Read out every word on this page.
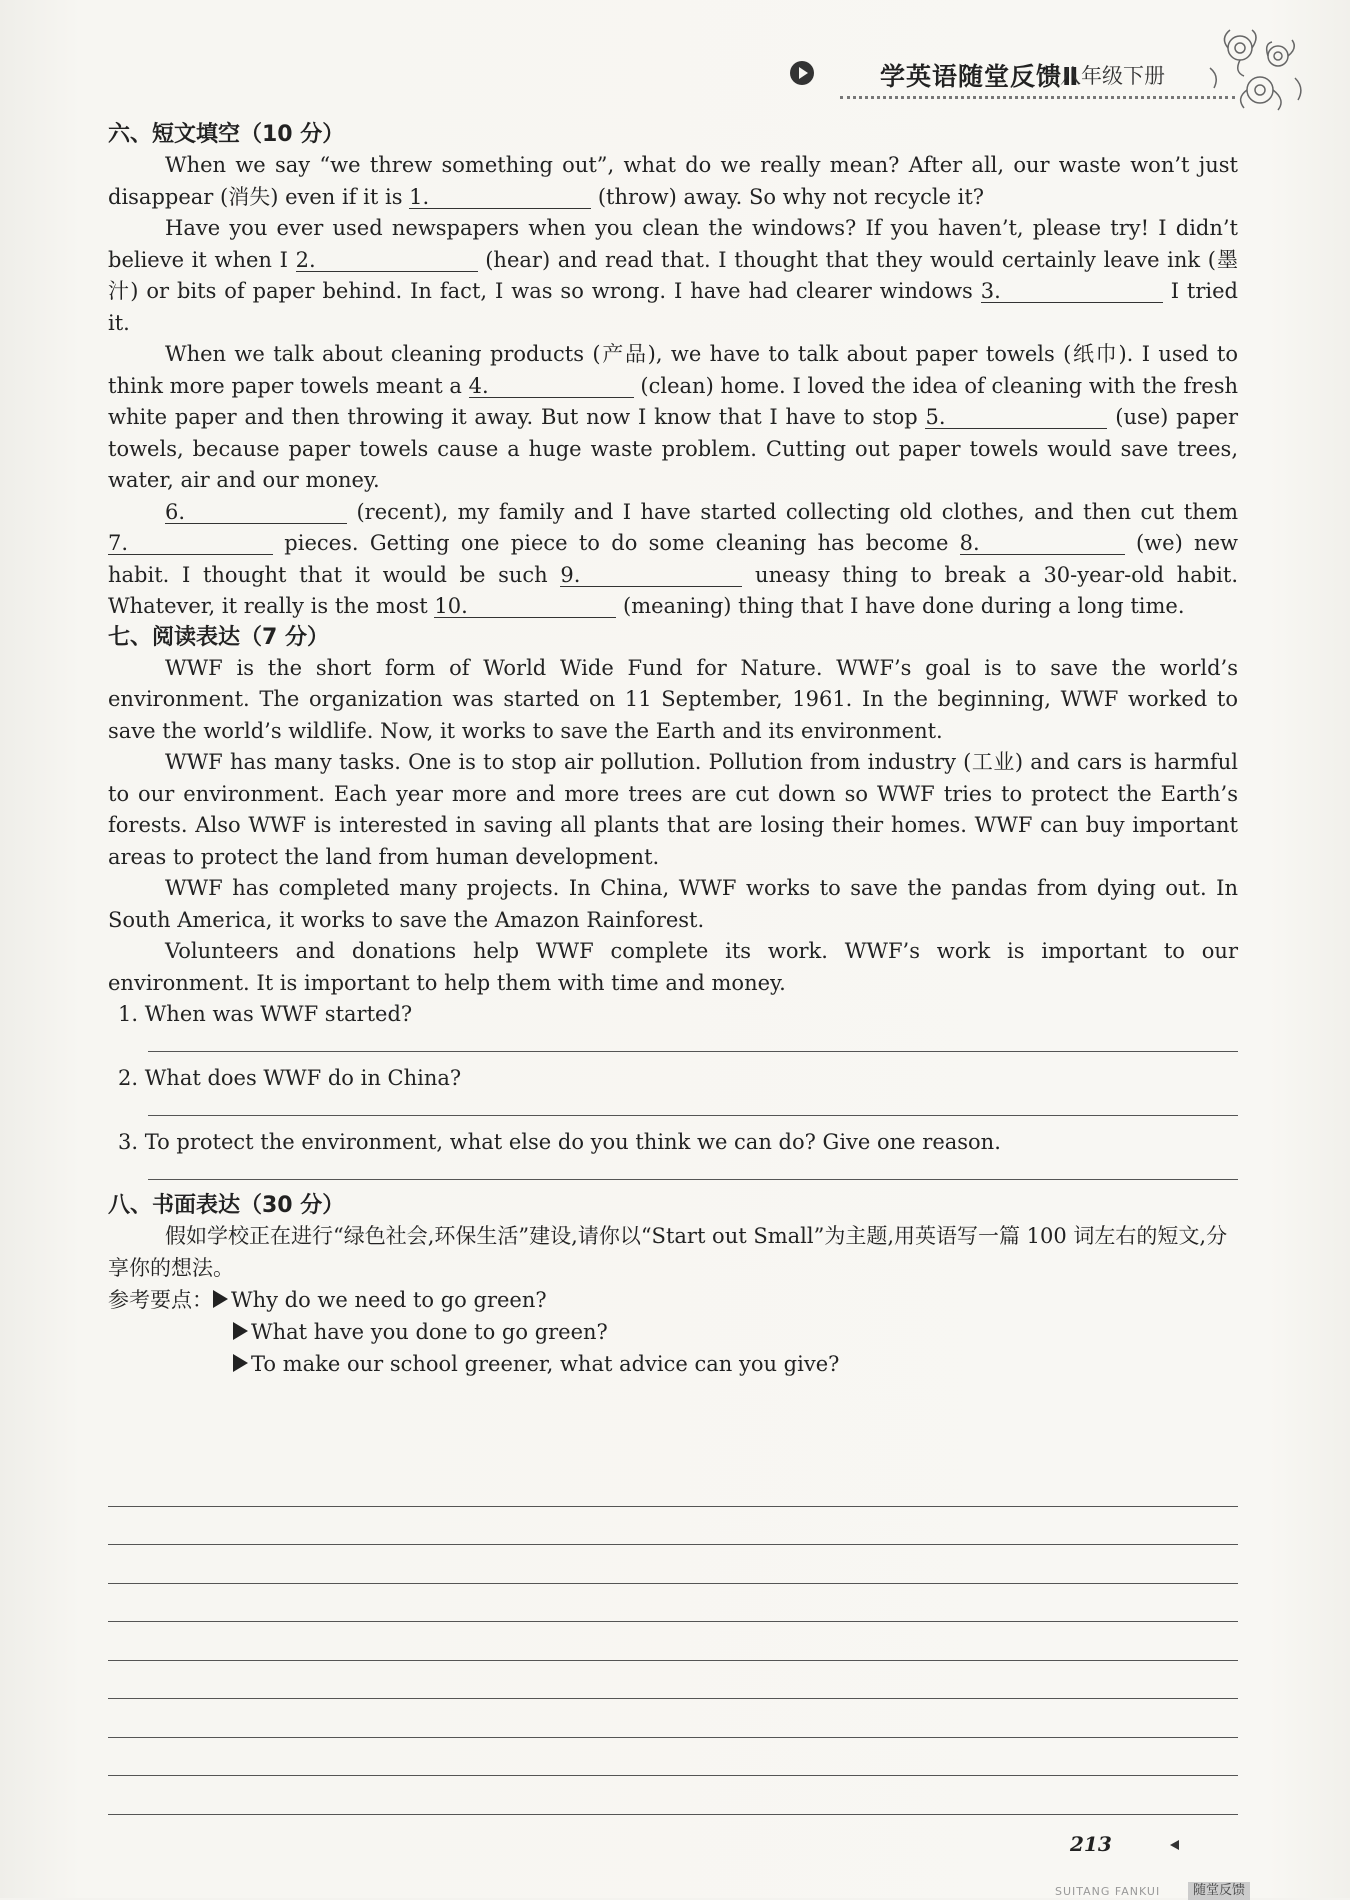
学英语随堂反馈Ⅱ
八年级下册
六、短文填空（10 分）

When we say “we threw something out”, what do we really mean? After all, our waste won’t just disappear (消失) even if it is 1.	(throw) away. So why not recycle it?

Have you ever used newspapers when you clean the windows? If you haven’t, please try! I didn’t believe it when I 2.	(hear) and read that. I thought that they would certainly leave ink (墨汁) or bits of paper behind. In fact, I was so wrong. I have had clearer windows 3.	I tried it.

When we talk about cleaning products (产品), we have to talk about paper towels (纸巾). I used to think more paper towels meant a 4.	(clean) home. I loved the idea of cleaning with the fresh white paper and then throwing it away. But now I know that I have to stop 5.	(use) paper towels, because paper towels cause a huge waste problem. Cutting out paper towels would save trees, water, air and our money.

6.	(recent), my family and I have started collecting old clothes, and then cut them 7.	pieces. Getting one piece to do some cleaning has become 8.	(we) new habit. I thought that it would be such 9.	uneasy thing to break a 30-year-old habit. Whatever, it really is the most 10.	(meaning) thing that I have done during a long time.

七、阅读表达（7 分）

WWF is the short form of World Wide Fund for Nature. WWF’s goal is to save the world’s environment. The organization was started on 11 September, 1961. In the beginning, WWF worked to save the world’s wildlife. Now, it works to save the Earth and its environment.

WWF has many tasks. One is to stop air pollution. Pollution from industry (工业) and cars is harmful to our environment. Each year more and more trees are cut down so WWF tries to protect the Earth’s forests. Also WWF is interested in saving all plants that are losing their homes. WWF can buy important areas to protect the land from human development.

WWF has completed many projects. In China, WWF works to save the pandas from dying out. In South America, it works to save the Amazon Rainforest.

Volunteers and donations help WWF complete its work. WWF’s work is important to our environment. It is important to help them with time and money.

1. When was WWF started?
2. What does WWF do in China?
3. To protect the environment, what else do you think we can do? Give one reason.
八、书面表达（30 分）

假如学校正在进行“绿色社会,环保生活”建设,请你以“Start out Small”为主题,用英语写一篇 100 词左右的短文,分享你的想法。

参考要点： Why do we need to go green?
What have you done to go green?
To make our school greener, what advice can you give?
213
SUITANG FANKUI	随堂反馈
